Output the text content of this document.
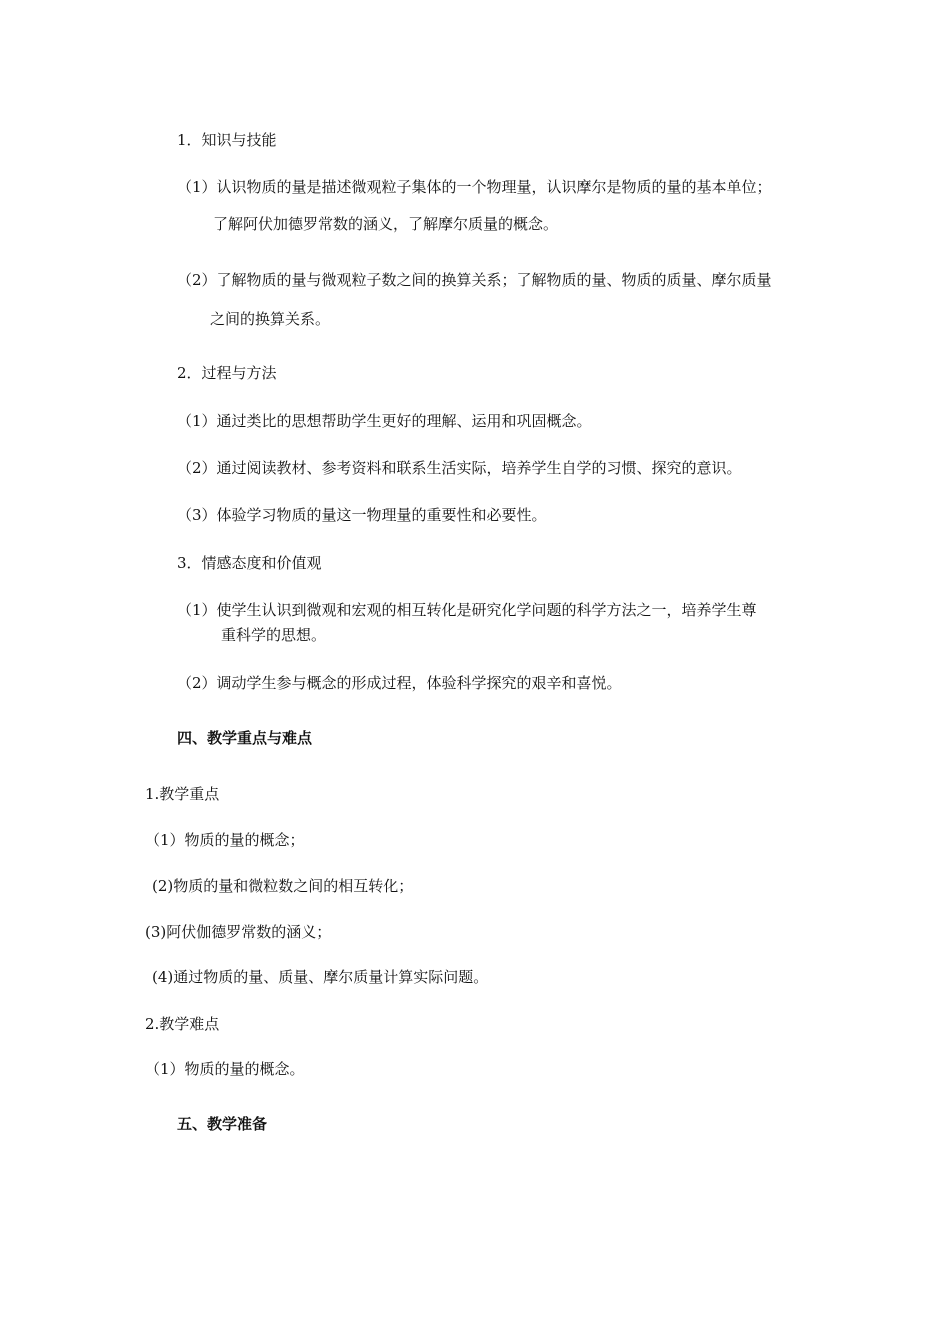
1．知识与技能
（1）认识物质的量是描述微观粒子集体的一个物理量，认识摩尔是物质的量的基本单位；
了解阿伏加德罗常数的涵义，了解摩尔质量的概念。
（2）了解物质的量与微观粒子数之间的换算关系；了解物质的量、物质的质量、摩尔质量
之间的换算关系。
2．过程与方法
（1）通过类比的思想帮助学生更好的理解、运用和巩固概念。
（2）通过阅读教材、参考资料和联系生活实际，培养学生自学的习惯、探究的意识。
（3）体验学习物质的量这一物理量的重要性和必要性。
3．情感态度和价值观
（1）使学生认识到微观和宏观的相互转化是研究化学问题的科学方法之一，培养学生尊
重科学的思想。
（2）调动学生参与概念的形成过程，体验科学探究的艰辛和喜悦。
四、教学重点与难点
1.教学重点
（1）物质的量的概念；
(2)物质的量和微粒数之间的相互转化；
(3)阿伏伽德罗常数的涵义；
(4)通过物质的量、质量、摩尔质量计算实际问题。
2.教学难点
（1）物质的量的概念。
五、教学准备
